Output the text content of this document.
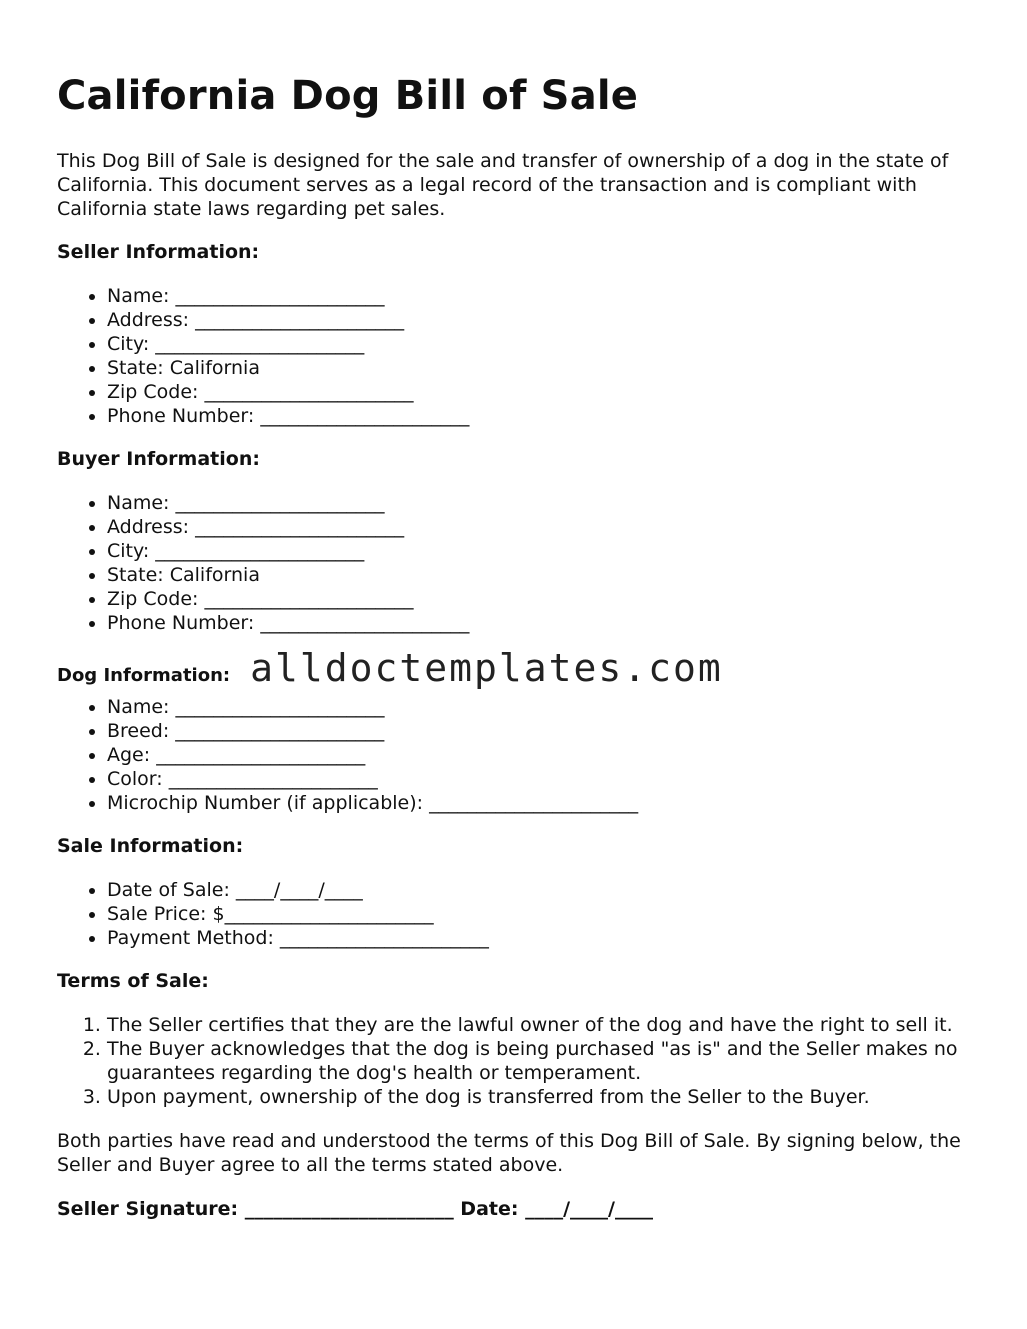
California Dog Bill of Sale

This Dog Bill of Sale is designed for the sale and transfer of ownership of a dog in the state of California. This document serves as a legal record of the transaction and is compliant with California state laws regarding pet sales.

Seller Information:
• Name: ______________________
• Address: ______________________
• City: ______________________
• State: California
• Zip Code: ______________________
• Phone Number: ______________________
Buyer Information:
• Name: ______________________
• Address: ______________________
• City: ______________________
• State: California
• Zip Code: ______________________
• Phone Number: ______________________
Dog Information: alldoctemplates.com
• Name: ______________________
• Breed: ______________________
• Age: ______________________
• Color: ______________________
• Microchip Number (if applicable): ______________________
Sale Information:
• Date of Sale: ____/____/____
• Sale Price: $______________________
• Payment Method: ______________________
Terms of Sale:
1. The Seller certifies that they are the lawful owner of the dog and have the right to sell it.
2. The Buyer acknowledges that the dog is being purchased "as is" and the Seller makes no guarantees regarding the dog's health or temperament.
3. Upon payment, ownership of the dog is transferred from the Seller to the Buyer.

Both parties have read and understood the terms of this Dog Bill of Sale. By signing below, the Seller and Buyer agree to all the terms stated above.

Seller Signature: ______________________ Date: ____/____/____
